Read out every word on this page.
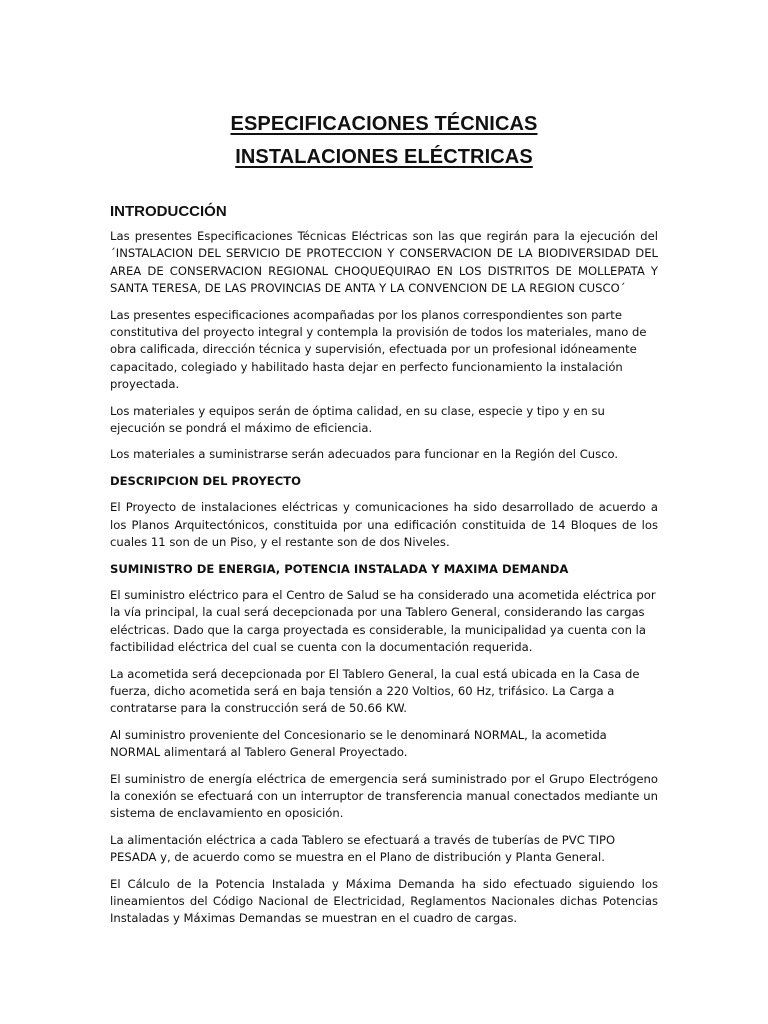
ESPECIFICACIONES TÉCNICAS
INSTALACIONES ELÉCTRICAS
INTRODUCCIÓN

Las presentes Especificaciones Técnicas Eléctricas son las que regirán para la ejecución del ´INSTALACION DEL SERVICIO DE PROTECCION Y CONSERVACION DE LA BIODIVERSIDAD DEL AREA DE CONSERVACION REGIONAL CHOQUEQUIRAO EN LOS DISTRITOS DE MOLLEPATA Y SANTA TERESA, DE LAS PROVINCIAS DE ANTA Y LA CONVENCION DE LA REGION CUSCO´

Las presentes especificaciones acompañadas por los planos correspondientes son parte constitutiva del proyecto integral y contempla la provisión de todos los materiales, mano de obra calificada, dirección técnica y supervisión, efectuada por un profesional idóneamente capacitado, colegiado y habilitado hasta dejar en perfecto funcionamiento la instalación proyectada.

Los materiales y equipos serán de óptima calidad, en su clase, especie y tipo y en su ejecución se pondrá el máximo de eficiencia.

Los materiales a suministrarse serán adecuados para funcionar en la Región del Cusco.

DESCRIPCION DEL PROYECTO

El Proyecto de instalaciones eléctricas y comunicaciones ha sido desarrollado de acuerdo a los Planos Arquitectónicos, constituida por una edificación constituida de 14 Bloques de los cuales 11 son de un Piso, y el restante son de dos Niveles.

SUMINISTRO DE ENERGIA, POTENCIA INSTALADA Y MAXIMA DEMANDA

El suministro eléctrico para el Centro de Salud se ha considerado una acometida eléctrica por la vía principal, la cual será decepcionada por una Tablero General, considerando las cargas eléctricas. Dado que la carga proyectada es considerable, la municipalidad ya cuenta con la factibilidad eléctrica del cual se cuenta con la documentación requerida.

La acometida será decepcionada por El Tablero General, la cual está ubicada en la Casa de fuerza, dicho acometida será en baja tensión a 220 Voltios, 60 Hz, trifásico. La Carga a contratarse para la construcción será de 50.66 KW.

Al suministro proveniente del Concesionario se le denominará NORMAL, la acometida NORMAL alimentará al Tablero General Proyectado.

El suministro de energía eléctrica de emergencia será suministrado por el Grupo Electrógeno la conexión se efectuará con un interruptor de transferencia manual conectados mediante un sistema de enclavamiento en oposición.

La alimentación eléctrica a cada Tablero se efectuará a través de tuberías de PVC TIPO PESADA y, de acuerdo como se muestra en el Plano de distribución y Planta General.

El Cálculo de la Potencia Instalada y Máxima Demanda ha sido efectuado siguiendo los lineamientos del Código Nacional de Electricidad, Reglamentos Nacionales dichas Potencias Instaladas y Máximas Demandas se muestran en el cuadro de cargas.
